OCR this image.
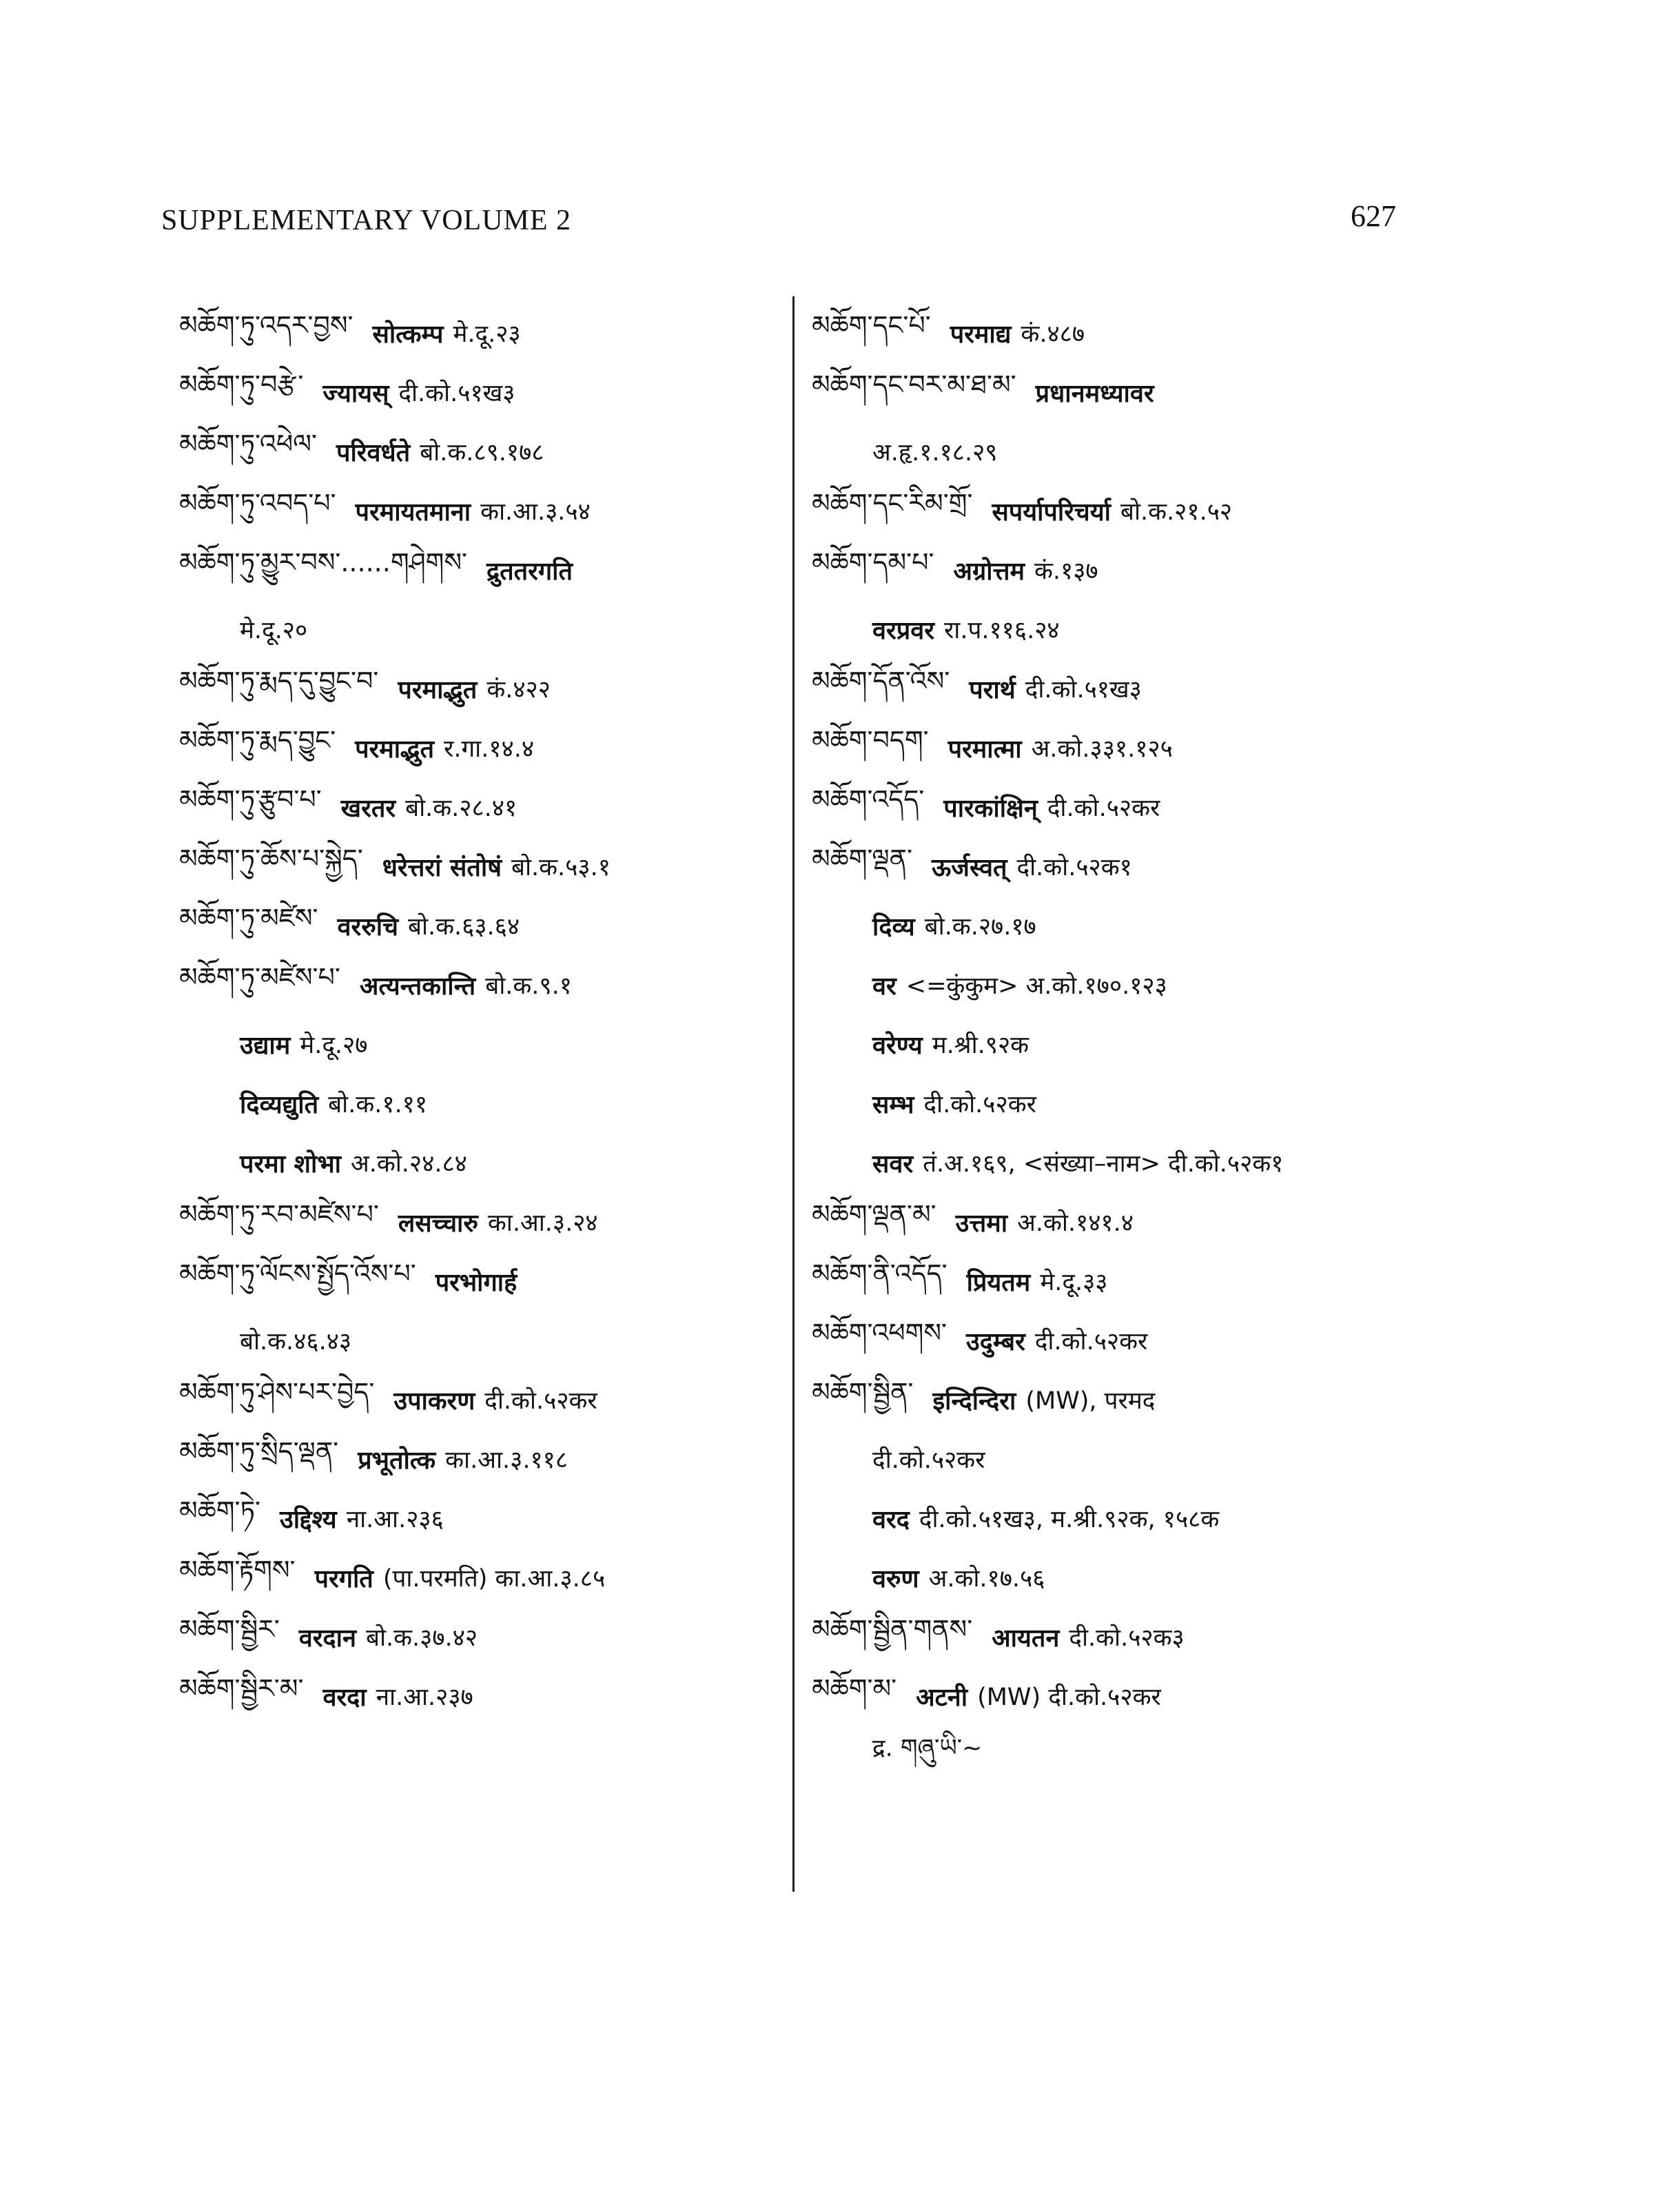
SUPPLEMENTARY VOLUME 2	627
མཆོག་ཏུ་འདར་བྱས་ सोत्कम्प मे.दू.२३
མཆོག་ཏུ་བརྩེ་ ज्यायस् दी.को.५१ख३
མཆོག་ཏུ་འཕེལ་ परिवर्धते बो.क.८९.१७८
མཆོག་ཏུ་འབད་པ་ परमायतमाना का.आ.३.५४
མཆོག་ཏུ་མྱུར་བས་......གཤེགས་ द्रुततरगति
मे.दू.२०
མཆོག་ཏུ་རྨད་དུ་བྱུང་བ་ परमाद्भुत कं.४२२
མཆོག་ཏུ་རྨད་བྱུང་ परमाद्भुत र.गा.१४.४
མཆོག་ཏུ་རྩུབ་པ་ खरतर बो.क.२८.४१
མཆོག་ཏུ་ཆོས་པ་སྐྱེད་ धरेत्तरां संतोषं बो.क.५३.१
མཆོག་ཏུ་མཛེས་ वररुचि बो.क.६३.६४
མཆོག་ཏུ་མཛེས་པ་ अत्यन्तकान्ति बो.क.९.१
उद्याम मे.दू.२७
दिव्यद्युति बो.क.१.११
परमा शोभा अ.को.२४.८४
མཆོག་ཏུ་རབ་མཛེས་པ་ लसच्चारु का.आ.३.२४
མཆོག་ཏུ་ལོངས་སྤྱོད་འོས་པ་ परभोगार्ह
बो.क.४६.४३
མཆོག་ཏུ་ཤེས་པར་བྱེད་ उपाकरण दी.को.५२कर
མཆོག་ཏུ་སྲིད་ལྡན་ प्रभूतोत्क का.आ.३.११८
མཆོག་ཏེ་ उद्दिश्य ना.आ.२३६
མཆོག་རྟོགས་ परगति (पा.परमति) का.आ.३.८५
མཆོག་སྦྱིར་ वरदान बो.क.३७.४२
མཆོག་སྦྱིར་མ་ वरदा ना.आ.२३७
མཆོག་དང་པོ་ परमाद्य कं.४८७
མཆོག་དང་བར་མ་ཐ་མ་ प्रधानमध्यावर
अ.हृ.१.१८.२९
མཆོག་དང་རིམ་གྲོ་ सपर्यापरिचर्या बो.क.२१.५२
མཆོག་དམ་པ་ अग्रोत्तम कं.१३७
वरप्रवर रा.प.११६.२४
མཆོག་དོན་འོས་ परार्थ दी.को.५१ख३
མཆོག་བདག་ परमात्मा अ.को.३३१.१२५
མཆོག་འདོད་ पारकांक्षिन् दी.को.५२कर
མཆོག་ལྡན་ ऊर्जस्वत् दी.को.५२क१
दिव्य बो.क.२७.१७
वर <=कुंकुम> अ.को.१७०.१२३
वरेण्य म.श्री.९२क
सम्भ दी.को.५२कर
सवर तं.अ.१६९, <संख्या–नाम> दी.को.५२क१
མཆོག་ལྡན་མ་ उत्तमा अ.को.१४१.४
མཆོག་ནི་འདོད་ प्रियतम मे.दू.३३
མཆོག་འཕགས་ उदुम्बर दी.को.५२कर
མཆོག་སྦྱིན་ इन्दिन्दिरा (MW), परमद
दी.को.५२कर
वरद दी.को.५१ख३, म.श्री.९२क, १५८क
वरुण अ.को.१७.५६
མཆོག་སྦྱིན་གནས་ आयतन दी.को.५२क३
མཆོག་མ་ अटनी (MW) दी.को.५२कर
द्र. གཞུ་ཡི་~
